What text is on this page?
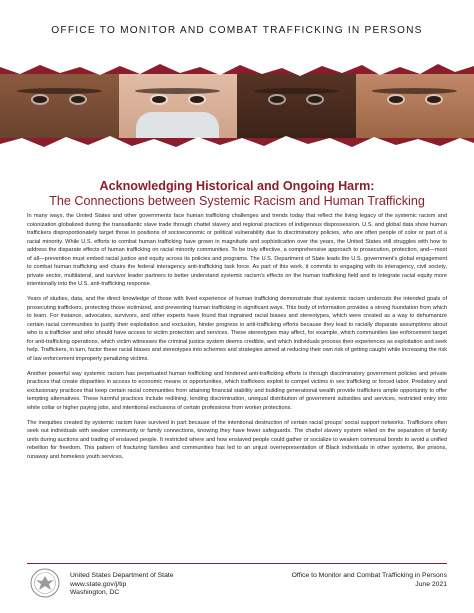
OFFICE TO MONITOR AND COMBAT TRAFFICKING IN PERSONS
Acknowledging Historical and Ongoing Harm:
The Connections between Systemic Racism and Human Trafficking

In many ways, the United States and other governments face human trafficking challenges and trends today that reflect the living legacy of the systemic racism and colonization globalized during the transatlantic slave trade through chattel slavery and regional practices of indigenous dispossession. U.S. and global data show human traffickers disproportionately target those in positions of socioeconomic or political vulnerability due to discriminatory policies, who are often people of color or part of a racial minority. While U.S. efforts to combat human trafficking have grown in magnitude and sophistication over the years, the United States still struggles with how to address the disparate effects of human trafficking on racial minority communities. To be truly effective, a comprehensive approach to prosecution, protection, and—most of all—prevention must embed racial justice and equity across its policies and programs. The U.S. Department of State leads the U.S. government's global engagement to combat human trafficking and chairs the federal interagency anti-trafficking task force. As part of this work, it commits to engaging with its interagency, civil society, private sector, multilateral, and survivor leader partners to better understand systemic racism's effects on the human trafficking field and to integrate racial equity more intentionally into the U.S. anti-trafficking response.

Years of studies, data, and the direct knowledge of those with lived experience of human trafficking demonstrate that systemic racism undercuts the intended goals of prosecuting traffickers, protecting those victimized, and preventing human trafficking in significant ways. This body of information provides a strong foundation from which to learn. For instance, advocates, survivors, and other experts have found that ingrained racial biases and stereotypes, which were created as a way to dehumanize certain racial communities to justify their exploitation and exclusion, hinder progress in anti-trafficking efforts because they lead to racially disparate assumptions about who is a trafficker and who should have access to victim protection and services. These stereotypes may affect, for example, which communities law enforcement target for anti-trafficking operations, which victim witnesses the criminal justice system deems credible, and which individuals process their experiences as exploitation and seek help. Traffickers, in turn, factor these racial biases and stereotypes into schemes and strategies aimed at reducing their own risk of getting caught while increasing the risk of law enforcement improperly penalizing victims.

Another powerful way systemic racism has perpetuated human trafficking and hindered anti-trafficking efforts is through discriminatory government policies and private practices that create disparities in access to economic means or opportunities, which traffickers exploit to compel victims in sex trafficking or forced labor. Predatory and exclusionary practices that keep certain racial communities from attaining financial stability and building generational wealth provide traffickers ample opportunity to offer tempting alternatives. These harmful practices include redlining, lending discrimination, unequal distribution of government subsidies and services, restricted entry into white collar or higher paying jobs, and intentional exclusions of certain professions from worker protections.

The inequities created by systemic racism have survived in part because of the intentional destruction of certain racial groups' social support networks. Traffickers often seek out individuals with weaker community or family connections, knowing they have fewer safeguards. The chattel slavery system relied on the separation of family units during auctions and trading of enslaved people. It restricted where and how enslaved people could gather or socialize to weaken communal bonds to avoid a unified rebellion for freedom. This pattern of fracturing families and communities has led to an unjust overrepresentation of Black individuals in other systems, like prisons, runaway and homeless youth services,

United States Department of State
www.state.gov/j/tip
Washington, DC
Office to Monitor and Combat Trafficking in Persons
June 2021
